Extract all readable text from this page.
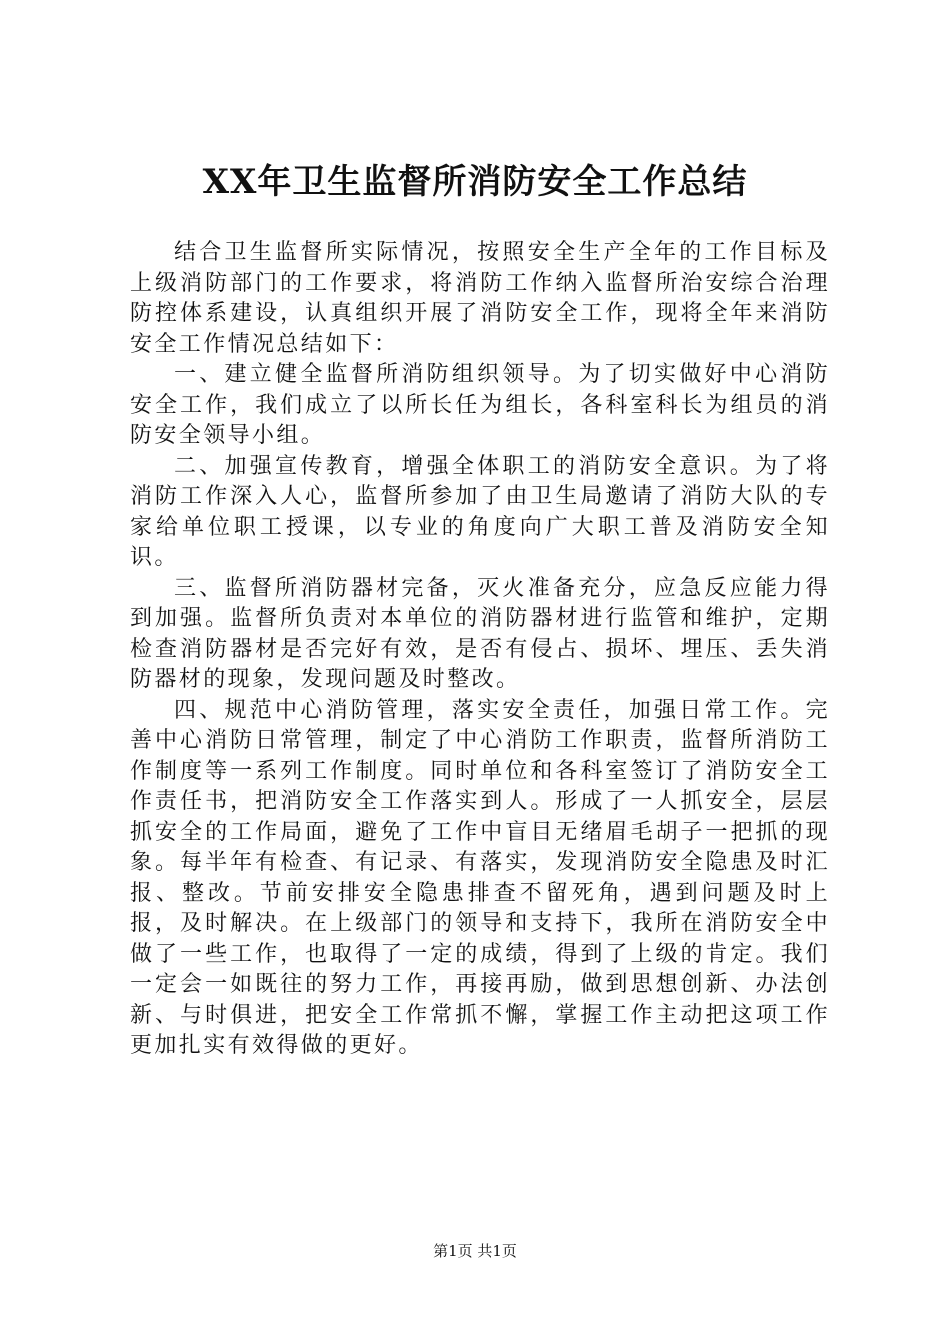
XX年卫生监督所消防安全工作总结

结合卫生监督所实际情况，按照安全生产全年的工作目标及上级消防部门的工作要求，将消防工作纳入监督所治安综合治理防控体系建设，认真组织开展了消防安全工作，现将全年来消防安全工作情况总结如下：

一、建立健全监督所消防组织领导。为了切实做好中心消防安全工作，我们成立了以所长任为组长，各科室科长为组员的消防安全领导小组。

二、加强宣传教育，增强全体职工的消防安全意识。为了将消防工作深入人心，监督所参加了由卫生局邀请了消防大队的专家给单位职工授课，以专业的角度向广大职工普及消防安全知识。

三、监督所消防器材完备，灭火准备充分，应急反应能力得到加强。监督所负责对本单位的消防器材进行监管和维护，定期检查消防器材是否完好有效，是否有侵占、损坏、埋压、丢失消防器材的现象，发现问题及时整改。

四、规范中心消防管理，落实安全责任，加强日常工作。完善中心消防日常管理，制定了中心消防工作职责，监督所消防工作制度等一系列工作制度。同时单位和各科室签订了消防安全工作责任书，把消防安全工作落实到人。形成了一人抓安全，层层抓安全的工作局面，避免了工作中盲目无绪眉毛胡子一把抓的现象。每半年有检查、有记录、有落实，发现消防安全隐患及时汇报、整改。节前安排安全隐患排查不留死角，遇到问题及时上报，及时解决。在上级部门的领导和支持下，我所在消防安全中做了一些工作，也取得了一定的成绩，得到了上级的肯定。我们一定会一如既往的努力工作，再接再励，做到思想创新、办法创新、与时俱进，把安全工作常抓不懈，掌握工作主动把这项工作更加扎实有效得做的更好。

第1页 共1页
